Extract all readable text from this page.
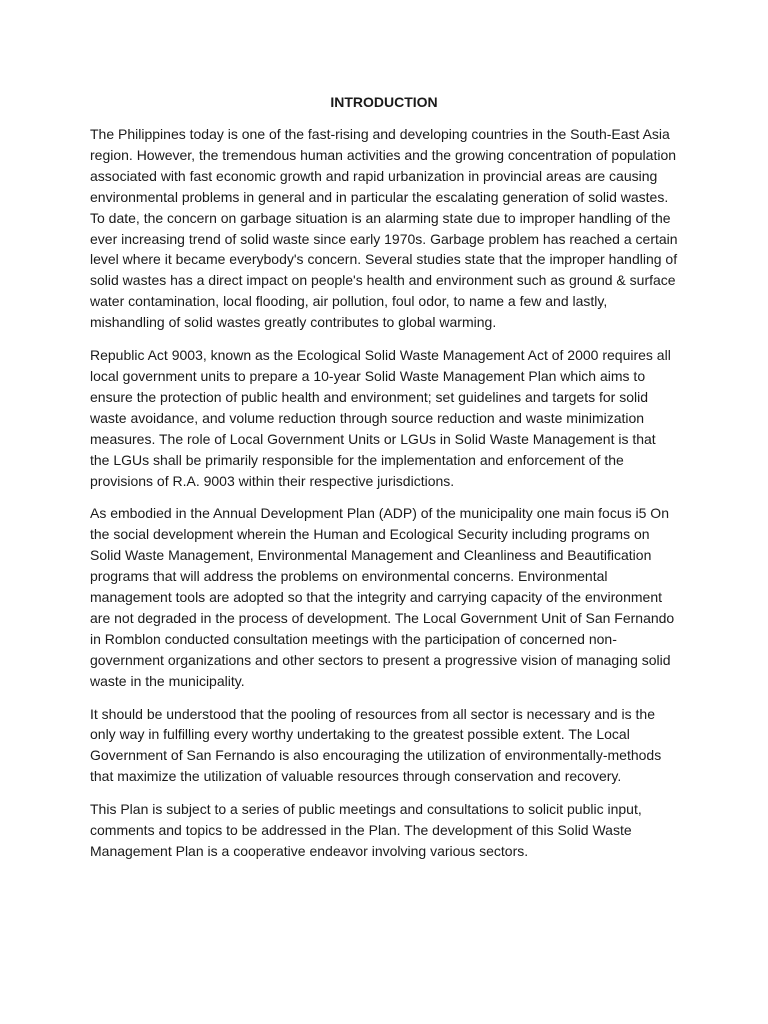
INTRODUCTION

The Philippines today is one of the fast-rising and developing countries in the South-East Asia region. However, the tremendous human activities and the growing concentration of population associated with fast economic growth and rapid urbanization in provincial areas are causing environmental problems in general and in particular the escalating generation of solid wastes. To date, the concern on garbage situation is an alarming state due to improper handling of the ever increasing trend of solid waste since early 1970s. Garbage problem has reached a certain level where it became everybody's concern. Several studies state that the improper handling of solid wastes has a direct impact on people's health and environment such as ground & surface water contamination, local flooding, air pollution, foul odor, to name a few and lastly, mishandling of solid wastes greatly contributes to global warming.

Republic Act 9003, known as the Ecological Solid Waste Management Act of 2000 requires all local government units to prepare a 10-year Solid Waste Management Plan which aims to ensure the protection of public health and environment; set guidelines and targets for solid waste avoidance, and volume reduction through source reduction and waste minimization measures. The role of Local Government Units or LGUs in Solid Waste Management is that the LGUs shall be primarily responsible for the implementation and enforcement of the provisions of R.A. 9003 within their respective jurisdictions.

As embodied in the Annual Development Plan (ADP) of the municipality one main focus i5 On the social development wherein the Human and Ecological Security including programs on Solid Waste Management, Environmental Management and Cleanliness and Beautification programs that will address the problems on environmental concerns. Environmental management tools are adopted so that the integrity and carrying capacity of the environment are not degraded in the process of development. The Local Government Unit of San Fernando in Romblon conducted consultation meetings with the participation of concerned non-government organizations and other sectors to present a progressive vision of managing solid waste in the municipality.

It should be understood that the pooling of resources from all sector is necessary and is the only way in fulfilling every worthy undertaking to the greatest possible extent. The Local Government of San Fernando is also encouraging the utilization of environmentally-methods that maximize the utilization of valuable resources through conservation and recovery.

This Plan is subject to a series of public meetings and consultations to solicit public input, comments and topics to be addressed in the Plan. The development of this Solid Waste Management Plan is a cooperative endeavor involving various sectors.
